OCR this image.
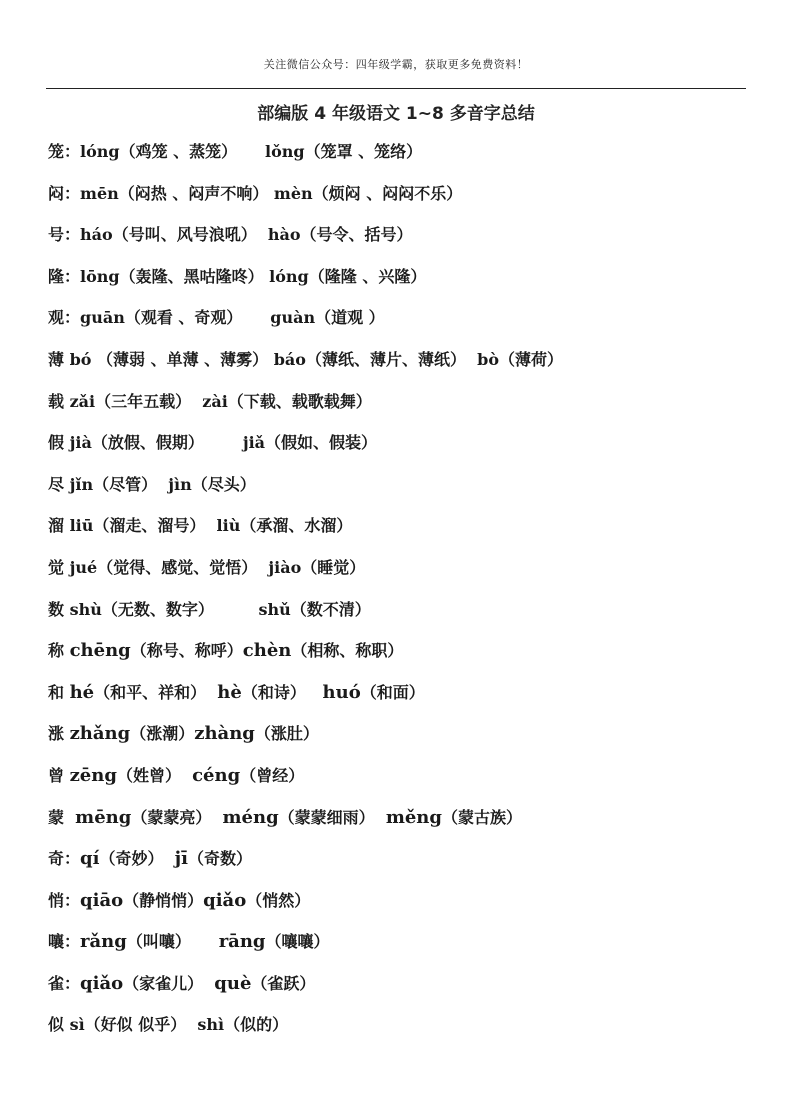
关注微信公众号：四年级学霸，获取更多免费资料！
部编版 4 年级语文 1~8 多音字总结
笼：lóng（鸡笼 、蒸笼）     lǒng（笼罩 、笼络）
闷：mēn（闷热 、闷声不响） mèn（烦闷 、闷闷不乐）
号：háo（号叫、风号浪吼）  hào（号令、括号）
隆：lōng（轰隆、黑咕隆咚） lóng（隆隆 、兴隆）
观：guān（观看 、奇观）     guàn（道观 ）
薄 bó （薄弱 、单薄 、薄雾） báo（薄纸、薄片、薄纸）  bò（薄荷）
载 zǎi（三年五载）  zài（下载、载歌载舞）
假 jià（放假、假期）       jiǎ（假如、假装）
尽 jǐn（尽管）  jìn（尽头）
溜 liū（溜走、溜号）  liù（承溜、水溜）
觉 jué（觉得、感觉、觉悟）  jiào（睡觉）
数 shù（无数、数字）        shǔ（数不清）
称 chēng（称号、称呼）chèn（相称、称职）
和 hé（和平、祥和）  hè（和诗）   huó（和面）
涨 zhǎng（涨潮）zhàng（涨肚）
曾 zēng（姓曾）  céng（曾经）
蒙  mēng（蒙蒙亮）  méng（蒙蒙细雨）  měng（蒙古族）
奇：qí（奇妙）  jī（奇数）
悄：qiāo（静悄悄）qiǎo（悄然）
嚷：rǎng（叫嚷）     rāng（嚷嚷）
雀：qiǎo（家雀儿）  què（雀跃）
似 sì（好似 似乎）  shì（似的）
